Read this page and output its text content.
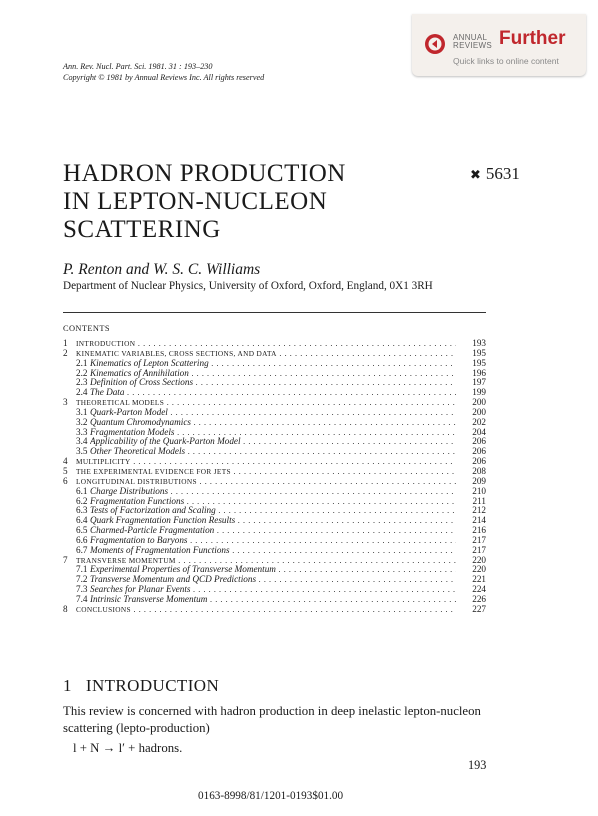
ANNUAL
REVIEWS Further
Quick links to online content
Ann. Rev. Nucl. Part. Sci. 1981. 31 : 193–230
Copyright © 1981 by Annual Reviews Inc. All rights reserved
HADRON PRODUCTION
IN LEPTON-NUCLEON
SCATTERING
✖ 5631
P. Renton and W. S. C. Williams
Department of Nuclear Physics, University of Oxford, Oxford, England, 0X1 3RH
CONTENTS
1 INTRODUCTION . . .	193
2 KINEMATIC VARIABLES, CROSS SECTIONS, AND DATA . . .	195
2.1 Kinematics of Lepton Scattering . . .	195
2.2 Kinematics of Annihilation . . .	196
2.3 Definition of Cross Sections . . .	197
2.4 The Data . . .	199
3 THEORETICAL MODELS . . .	200
3.1 Quark-Parton Model . . .	200
3.2 Quantum Chromodynamics . . .	202
3.3 Fragmentation Models . . .	204
3.4 Applicability of the Quark-Parton Model . . .	206
3.5 Other Theoretical Models . . .	206
4 MULTIPLICITY . . .	206
5 THE EXPERIMENTAL EVIDENCE FOR JETS . . .	208
6 LONGITUDINAL DISTRIBUTIONS . . .	209
6.1 Charge Distributions . . .	210
6.2 Fragmentation Functions . . .	211
6.3 Tests of Factorization and Scaling . . .	212
6.4 Quark Fragmentation Function Results . . .	214
6.5 Charmed-Particle Fragmentation . . .	216
6.6 Fragmentation to Baryons . . .	217
6.7 Moments of Fragmentation Functions . . .	217
7 TRANSVERSE MOMENTUM . . .	220
7.1 Experimental Properties of Transverse Momentum . . .	220
7.2 Transverse Momentum and QCD Predictions . . .	221
7.3 Searches for Planar Events . . .	224
7.4 Intrinsic Transverse Momentum . . .	226
8 CONCLUSIONS . . .	227
1 INTRODUCTION
This review is concerned with hadron production in deep inelastic lepton-nucleon scattering (lepto-production)
l + N → l′ + hadrons.
193
0163-8998/81/1201-0193$01.00
